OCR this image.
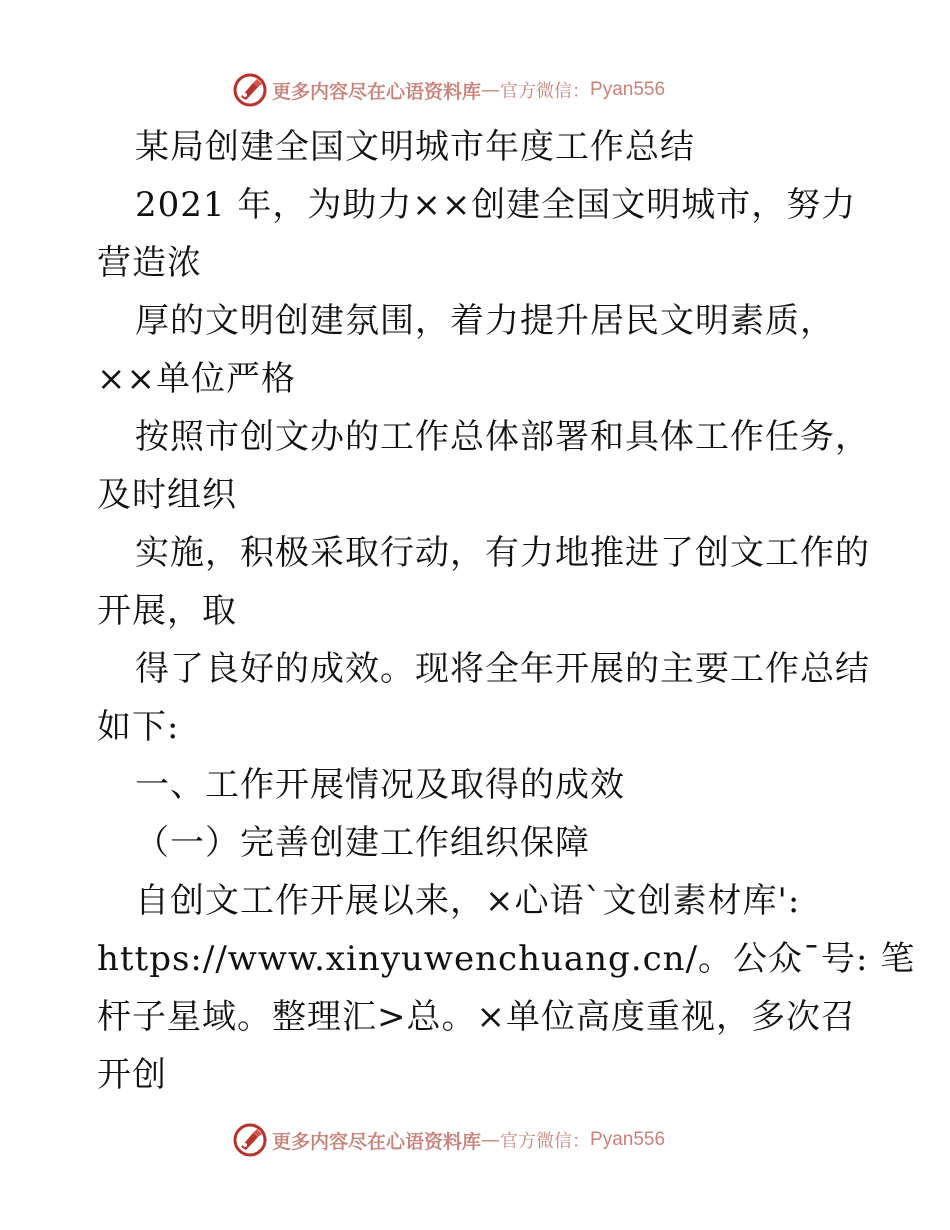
更多内容尽在心语资料库 — 官方微信： Pyan556
某局创建全国文明城市年度工作总结
2021 年，为助力××创建全国文明城市，努力
营造浓
厚的文明创建氛围，着力提升居民文明素质，
××单位严格
按照市创文办的工作总体部署和具体工作任务，
及时组织
实施，积极采取行动，有力地推进了创文工作的
开展，取
得了良好的成效。现将全年开展的主要工作总结
如下:
一、工作开展情况及取得的成效
（一）完善创建工作组织保障
自创文工作开展以来，×心语`文创素材库':
https://www.xinyuwenchuang.cn/。公众¯号: 笔
杆子星域。整理汇>总。×单位高度重视，多次召
开创
更多内容尽在心语资料库 — 官方微信： Pyan556
